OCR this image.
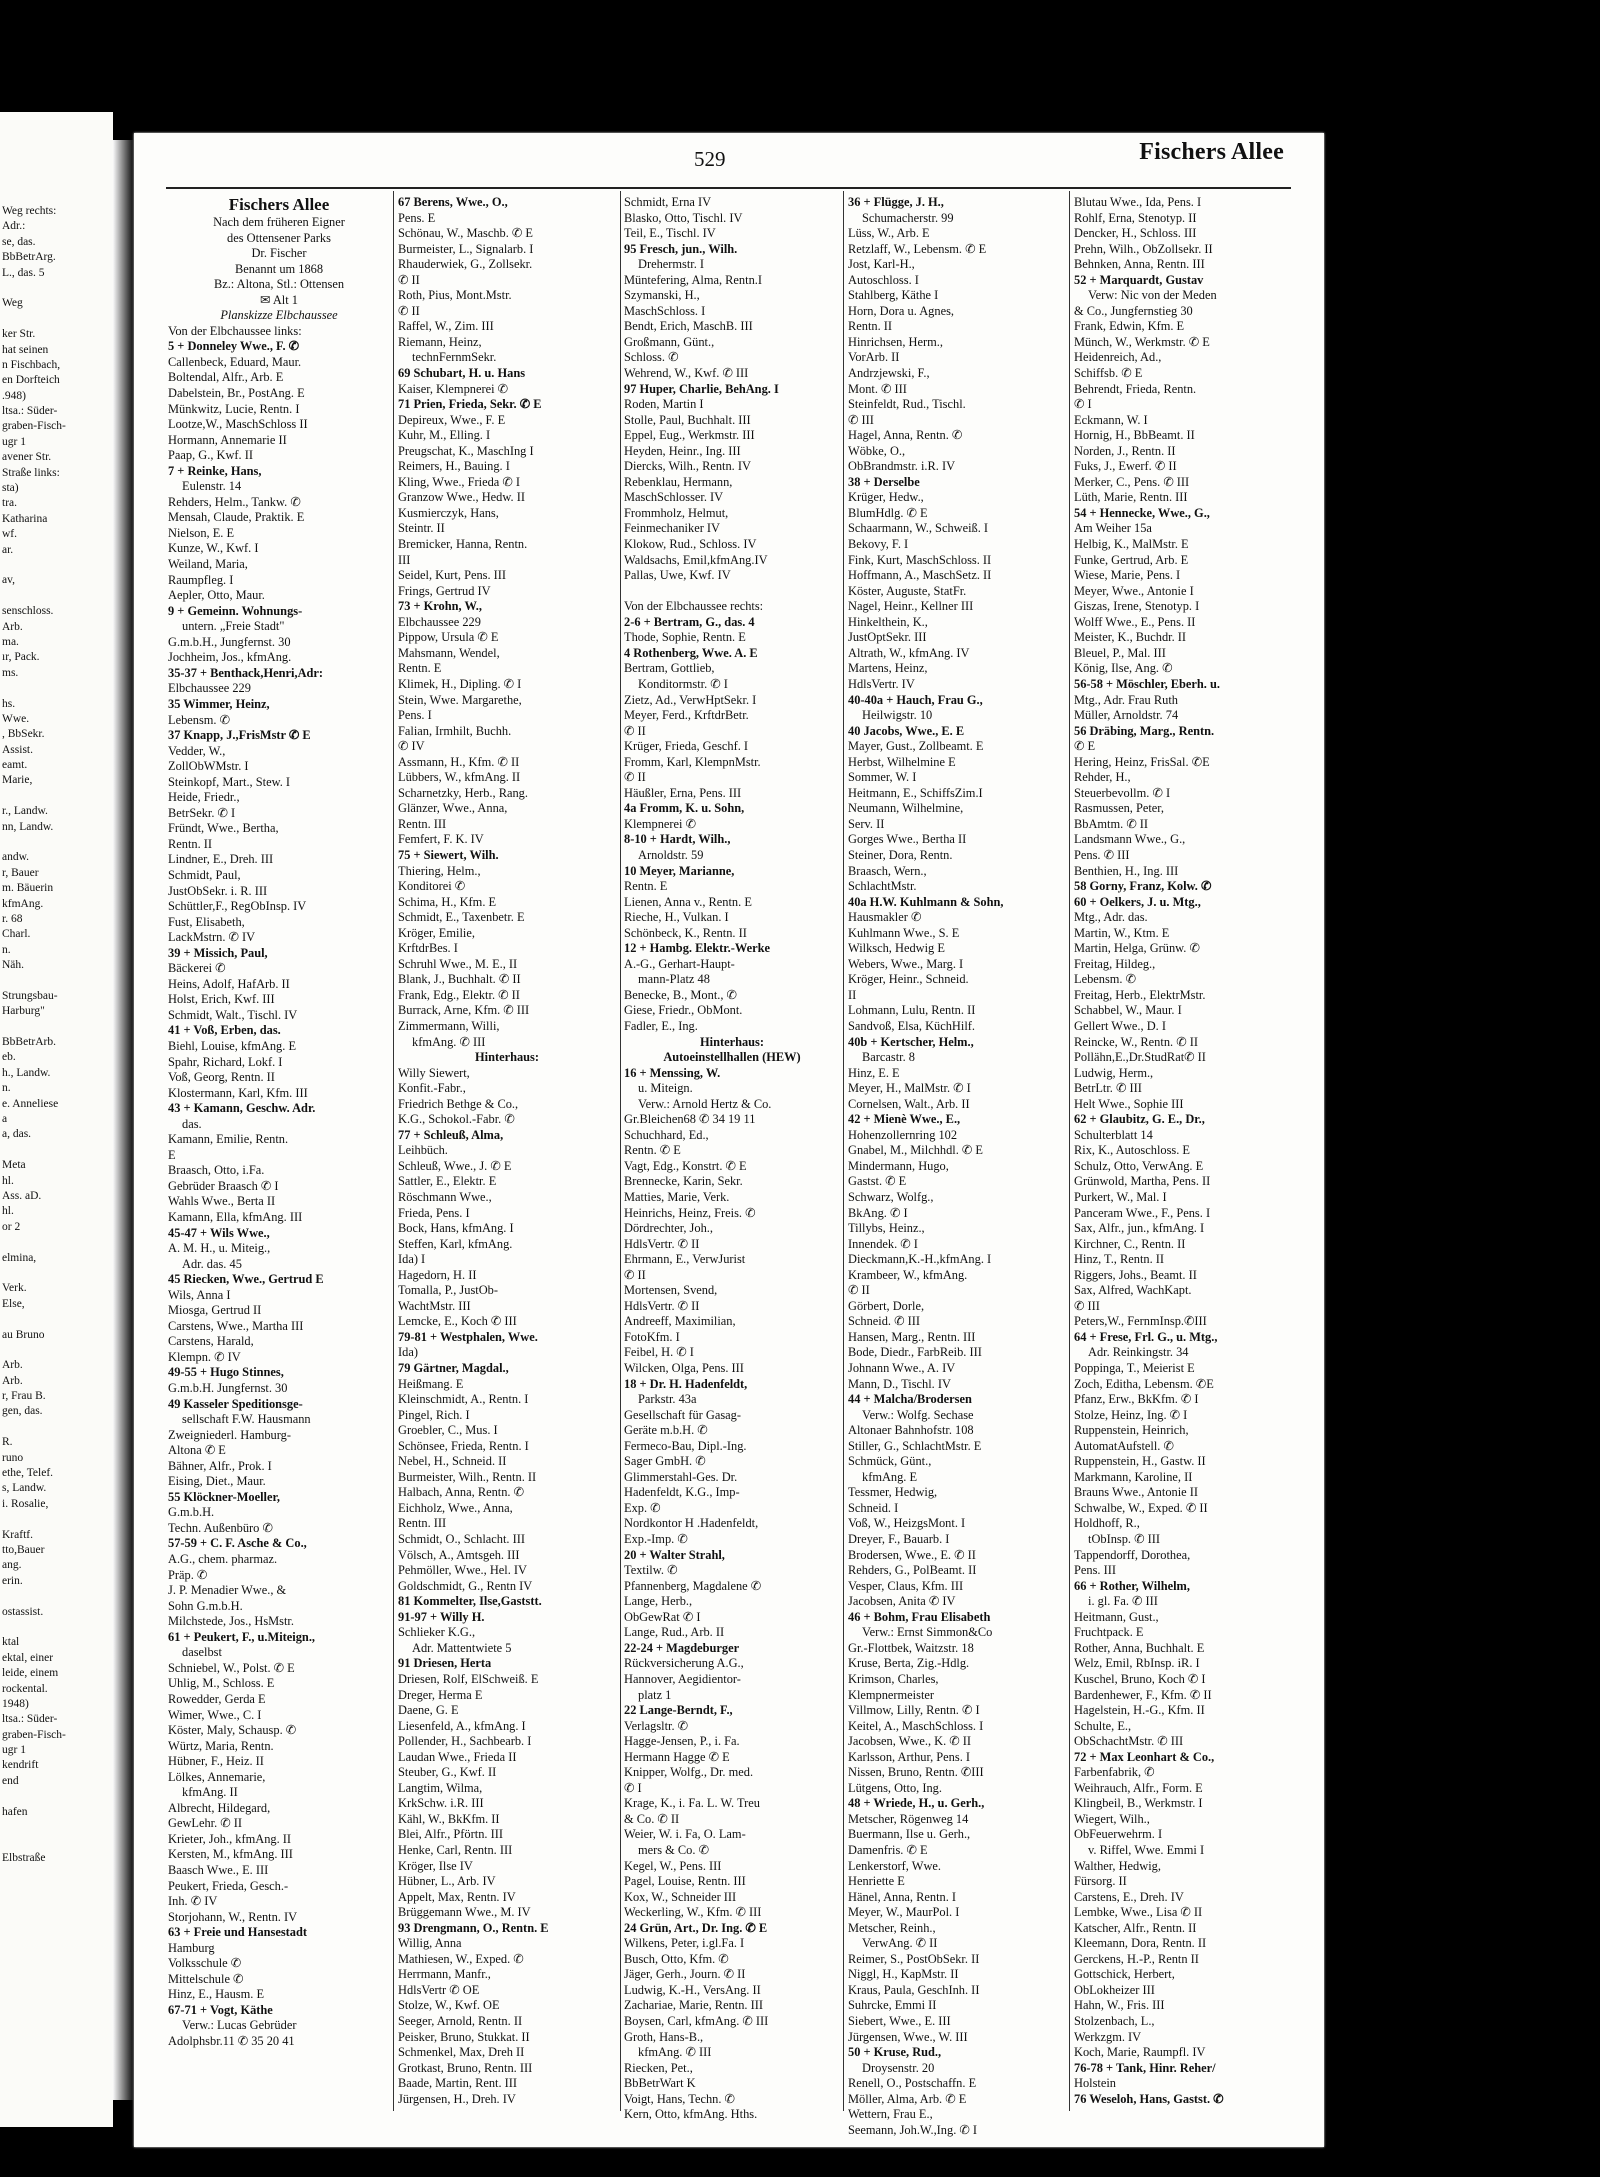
Weg rechts:
Adr.:
se, das.
BbBetrArg.
L., das. 5
Weg
ker Str.
hat seinen
n Fischbach,
en Dorfteich
.948)
ltsa.: Süder-
graben-Fisch-
ugr 1
avener Str.
Straße links:
sta)
tra.
Katharina
wf.
ar.
av,
senschloss.
Arb.
ma.
ır, Pack.
ms.
hs.
Wwe.
, BbSekr.
Assist.
eamt.
Marie,
r., Landw.
nn, Landw.
andw.
r, Bauer
m. Bäuerin
kfmAng.
r. 68
Charl.
n.
Näh.
Strungsbau-
Harburg"
BbBetrArb.
eb.
h., Landw.
n.
e. Anneliese
a
a, das.
Meta
hl.
Ass. aD.
hl.
or 2
elmina,
Verk.
Else,
au Bruno
Arb.
Arb.
r, Frau B.
gen, das.
R.
runo
ethe, Telef.
s, Landw.
i. Rosalie,
Kraftf.
tto,Bauer
ang.
erin.
ostassist.
ktal
ektal, einer
leide, einem
rockental.
1948)
ltsa.: Süder-
graben-Fisch-
ugr 1
kendrift
end
hafen
Elbstraße
529	Fischers Allee
Fischers Allee
Nach dem früheren Eigner
des Ottensener Parks
Dr. Fischer
Benannt um 1868
Bz.: Altona, Stl.: Ottensen
✉ Alt 1
Planskizze Elbchaussee
Von der Elbchaussee links:
5 + Donneley Wwe., F. ✆
Callenbeck, Eduard, Maur.
Boltendal, Alfr., Arb. E
Dabelstein, Br., PostAng. E
Münkwitz, Lucie, Rentn. I
Lootze,W., MaschSchloss II
Hormann, Annemarie II
Paap, G., Kwf. II
7 + Reinke, Hans,
Eulenstr. 14
Rehders, Helm., Tankw. ✆
Mensah, Claude, Praktik. E
Nielson, E. E
Kunze, W., Kwf. I
Weiland, Maria,
Raumpfleg. I
Aepler, Otto, Maur.
9 + Gemeinn. Wohnungs-
untern. „Freie Stadt"
G.m.b.H., Jungfernst. 30
Jochheim, Jos., kfmAng.
35-37 + Benthack,Henri,Adr:
Elbchaussee 229
35 Wimmer, Heinz,
Lebensm. ✆
37 Knapp, J.,FrisMstr ✆ E
Vedder, W.,
ZollObWMstr. I
Steinkopf, Mart., Stew. I
Heide, Friedr.,
BetrSekr. ✆ I
Fründt, Wwe., Bertha,
Rentn. II
Lindner, E., Dreh. III
Schmidt, Paul,
JustObSekr. i. R. III
Schüttler,F., RegObInsp. IV
Fust, Elisabeth,
LackMstrn. ✆ IV
39 + Missich, Paul,
Bäckerei ✆
Heins, Adolf, HafArb. II
Holst, Erich, Kwf. III
Schmidt, Walt., Tischl. IV
41 + Voß, Erben, das.
Biehl, Louise, kfmAng. E
Spahr, Richard, Lokf. I
Voß, Georg, Rentn. II
Klostermann, Karl, Kfm. III
43 + Kamann, Geschw. Adr.
das.
Kamann, Emilie, Rentn.
E
Braasch, Otto, i.Fa.
Gebrüder Braasch ✆ I
Wahls Wwe., Berta II
Kamann, Ella, kfmAng. III
45-47 + Wils Wwe.,
A. M. H., u. Miteig.,
Adr. das. 45
45 Riecken, Wwe., Gertrud E
Wils, Anna I
Miosga, Gertrud II
Carstens, Wwe., Martha III
Carstens, Harald,
Klempn. ✆ IV
49-55 + Hugo Stinnes,
G.m.b.H. Jungfernst. 30
49 Kasseler Speditionsge-
sellschaft F.W. Hausmann
Zweigniederl. Hamburg-
Altona ✆ E
Bähner, Alfr., Prok. I
Eising, Diet., Maur.
55 Klöckner-Moeller,
G.m.b.H.
Techn. Außenbüro ✆
57-59 + C. F. Asche & Co.,
A.G., chem. pharmaz.
Präp. ✆
J. P. Menadier Wwe., &
Sohn G.m.b.H.
Milchstede, Jos., HsMstr.
61 + Peukert, F., u.Miteign.,
daselbst
Schniebel, W., Polst. ✆ E
Uhlig, M., Schloss. E
Rowedder, Gerda E
Wimer, Wwe., C. I
Köster, Maly, Schausp. ✆
Würtz, Maria, Rentn.
Hübner, F., Heiz. II
Lölkes, Annemarie,
kfmAng. II
Albrecht, Hildegard,
GewLehr. ✆ II
Krieter, Joh., kfmAng. II
Kersten, M., kfmAng. III
Baasch Wwe., E. III
Peukert, Frieda, Gesch.-
Inh. ✆ IV
Storjohann, W., Rentn. IV
63 + Freie und Hansestadt
Hamburg
Volksschule ✆
Mittelschule ✆
Hinz, E., Hausm. E
67-71 + Vogt, Käthe
Verw.: Lucas Gebrüder
Adolphsbr.11 ✆ 35 20 41
67 Berens, Wwe., O.,
Pens. E
Schönau, W., Maschb. ✆ E
Burmeister, L., Signalarb. I
Rhauderwiek, G., Zollsekr.
✆ II
Roth, Pius, Mont.Mstr.
✆ II
Raffel, W., Zim. III
Riemann, Heinz,
technFernmSekr.
69 Schubart, H. u. Hans
Kaiser, Klempnerei ✆
71 Prien, Frieda, Sekr. ✆ E
Depireux, Wwe., F. E
Kuhr, M., Elling. I
Preugschat, K., MaschIng I
Reimers, H., Bauing. I
Kling, Wwe., Frieda ✆ I
Granzow Wwe., Hedw. II
Kusmierczyk, Hans,
Steintr. II
Bremicker, Hanna, Rentn.
III
Seidel, Kurt, Pens. III
Frings, Gertrud IV
73 + Krohn, W.,
Elbchaussee 229
Pippow, Ursula ✆ E
Mahsmann, Wendel,
Rentn. E
Klimek, H., Dipling. ✆ I
Stein, Wwe. Margarethe,
Pens. I
Falian, Irmhilt, Buchh.
✆ IV
Assmann, H., Kfm. ✆ II
Lübbers, W., kfmAng. II
Scharnetzky, Herb., Rang.
Glänzer, Wwe., Anna,
Rentn. III
Femfert, F. K. IV
75 + Siewert, Wilh.
Thiering, Helm.,
Konditorei ✆
Schima, H., Kfm. E
Schmidt, E., Taxenbetr. E
Kröger, Emilie,
KrftdrBes. I
Schruhl Wwe., M. E., II
Blank, J., Buchhalt. ✆ II
Frank, Edg., Elektr. ✆ II
Burrack, Arne, Kfm. ✆ III
Zimmermann, Willi,
kfmAng. ✆ III
Hinterhaus:
Willy Siewert,
Konfit.-Fabr.,
Friedrich Bethge & Co.,
K.G., Schokol.-Fabr. ✆
77 + Schleuß, Alma,
Leihbüch.
Schleuß, Wwe., J. ✆ E
Sattler, E., Elektr. E
Röschmann Wwe.,
Frieda, Pens. I
Bock, Hans, kfmAng. I
Steffen, Karl, kfmAng.
Ida) I
Hagedorn, H. II
Tomalla, P., JustOb-
WachtMstr. III
Lemcke, E., Koch ✆ III
79-81 + Westphalen, Wwe.
Ida)
79 Gärtner, Magdal.,
Heißmang. E
Kleinschmidt, A., Rentn. I
Pingel, Rich. I
Groebler, C., Mus. I
Schönsee, Frieda, Rentn. I
Nebel, H., Schneid. II
Burmeister, Wilh., Rentn. II
Halbach, Anna, Rentn. ✆
Eichholz, Wwe., Anna,
Rentn. III
Schmidt, O., Schlacht. III
Völsch, A., Amtsgeh. III
Pehmöller, Wwe., Hel. IV
Goldschmidt, G., Rentn IV
81 Kommelter, Ilse,Gaststt.
91-97 + Willy H.
Schlieker K.G.,
Adr. Mattentwiete 5
91 Driesen, Herta
Driesen, Rolf, ElSchweiß. E
Dreger, Herma E
Daene, G. E
Liesenfeld, A., kfmAng. I
Pollender, H., Sachbearb. I
Laudan Wwe., Frieda II
Steuber, G., Kwf. II
Langtim, Wilma,
KrkSchw. i.R. III
Kähl, W., BkKfm. II
Blei, Alfr., Pförtn. III
Henke, Carl, Rentn. III
Kröger, Ilse IV
Hübner, L., Arb. IV
Appelt, Max, Rentn. IV
Brüggemann Wwe., M. IV
93 Drengmann, O., Rentn. E
Willig, Anna
Mathiesen, W., Exped. ✆
Herrmann, Manfr.,
HdlsVertr ✆ OE
Stolze, W., Kwf. OE
Seeger, Arnold, Rentn. II
Peisker, Bruno, Stukkat. II
Schmenkel, Max, Dreh II
Grotkast, Bruno, Rentn. III
Baade, Martin, Rent. III
Jürgensen, H., Dreh. IV
Schmidt, Erna IV
Blasko, Otto, Tischl. IV
Teil, E., Tischl. IV
95 Fresch, jun., Wilh.
Drehermstr. I
Müntefering, Alma, Rentn.I
Szymanski, H.,
MaschSchloss. I
Bendt, Erich, MaschB. III
Großmann, Günt.,
Schloss. ✆
Wehrend, W., Kwf. ✆ III
97 Huper, Charlie, BehAng. I
Roden, Martin I
Stolle, Paul, Buchhalt. III
Eppel, Eug., Werkmstr. III
Heyden, Heinr., Ing. III
Diercks, Wilh., Rentn. IV
Rebenklau, Hermann,
MaschSchlosser. IV
Frommholz, Helmut,
Feinmechaniker IV
Klokow, Rud., Schloss. IV
Waldsachs, Emil,kfmAng.IV
Pallas, Uwe, Kwf. IV
Von der Elbchaussee rechts:
2-6 + Bertram, G., das. 4
Thode, Sophie, Rentn. E
4 Rothenberg, Wwe. A. E
Bertram, Gottlieb,
Konditormstr. ✆ I
Zietz, Ad., VerwHptSekr. I
Meyer, Ferd., KrftdrBetr.
✆ II
Krüger, Frieda, Geschf. I
Fromm, Karl, KlempnMstr.
✆ II
Häußler, Erna, Pens. III
4a Fromm, K. u. Sohn,
Klempnerei ✆
8-10 + Hardt, Wilh.,
Arnoldstr. 59
10 Meyer, Marianne,
Rentn. E
Lienen, Anna v., Rentn. E
Rieche, H., Vulkan. I
Schönbeck, K., Rentn. II
12 + Hambg. Elektr.-Werke
A.-G., Gerhart-Haupt-
mann-Platz 48
Benecke, B., Mont., ✆
Giese, Friedr., ObMont.
Fadler, E., Ing.
Hinterhaus:
Autoeinstellhallen (HEW)
16 + Menssing, W.
u. Miteign.
Verw.: Arnold Hertz & Co.
Gr.Bleichen68 ✆ 34 19 11
Schuchhard, Ed.,
Rentn. ✆ E
Vagt, Edg., Konstrt. ✆ E
Brennecke, Karin, Sekr.
Matties, Marie, Verk.
Heinrichs, Heinz, Freis. ✆
Dördrechter, Joh.,
HdlsVertr. ✆ II
Ehrmann, E., VerwJurist
✆ II
Mortensen, Svend,
HdlsVertr. ✆ II
Andreeff, Maximilian,
FotoKfm. I
Feibel, H. ✆ I
Wilcken, Olga, Pens. III
18 + Dr. H. Hadenfeldt,
Parkstr. 43a
Gesellschaft für Gasag-
Geräte m.b.H. ✆
Fermeco-Bau, Dipl.-Ing.
Sager GmbH. ✆
Glimmerstahl-Ges. Dr.
Hadenfeldt, K.G., Imp-
Exp. ✆
Nordkontor H .Hadenfeldt,
Exp.-Imp. ✆
20 + Walter Strahl,
Textilw. ✆
Pfannenberg, Magdalene ✆
Lange, Herb.,
ObGewRat ✆ I
Lange, Rud., Arb. II
22-24 + Magdeburger
Rückversicherung A.G.,
Hannover, Aegidientor-
platz 1
22 Lange-Berndt, F.,
Verlagsltr. ✆
Hagge-Jensen, P., i. Fa.
Hermann Hagge ✆ E
Knipper, Wolfg., Dr. med.
✆ I
Krage, K., i. Fa. L. W. Treu
& Co. ✆ II
Weier, W. i. Fa, O. Lam-
mers & Co. ✆
Kegel, W., Pens. III
Pagel, Louise, Rentn. III
Kox, W., Schneider III
Weckerling, W., Kfm. ✆ III
24 Grün, Art., Dr. Ing. ✆ E
Wilkens, Peter, i.gl.Fa. I
Busch, Otto, Kfm. ✆
Jäger, Gerh., Journ. ✆ II
Ludwig, K.-H., VersAng. II
Zachariae, Marie, Rentn. III
Boysen, Carl, kfmAng. ✆ III
Groth, Hans-B.,
kfmAng. ✆ III
Riecken, Pet.,
BbBetrWart K
Voigt, Hans, Techn. ✆
Kern, Otto, kfmAng. Hths.
36 + Flügge, J. H.,
Schumacherstr. 99
Lüss, W., Arb. E
Retzlaff, W., Lebensm. ✆ E
Jost, Karl-H.,
Autoschloss. I
Stahlberg, Käthe I
Horn, Dora u. Agnes,
Rentn. II
Hinrichsen, Herm.,
VorArb. II
Andrzjewski, F.,
Mont. ✆ III
Steinfeldt, Rud., Tischl.
✆ III
Hagel, Anna, Rentn. ✆
Wöbke, O.,
ObBrandmstr. i.R. IV
38 + Derselbe
Krüger, Hedw.,
BlumHdlg. ✆ E
Schaarmann, W., Schweiß. I
Bekovy, F. I
Fink, Kurt, MaschSchloss. II
Hoffmann, A., MaschSetz. II
Köster, Auguste, StatFr.
Nagel, Heinr., Kellner III
Hinkelthein, K.,
JustOptSekr. III
Altrath, W., kfmAng. IV
Martens, Heinz,
HdlsVertr. IV
40-40a + Hauch, Frau G.,
Heilwigstr. 10
40 Jacobs, Wwe., E. E
Mayer, Gust., Zollbeamt. E
Herbst, Wilhelmine E
Sommer, W. I
Heitmann, E., SchiffsZim.I
Neumann, Wilhelmine,
Serv. II
Gorges Wwe., Bertha II
Steiner, Dora, Rentn.
Braasch, Wern.,
SchlachtMstr.
40a H.W. Kuhlmann & Sohn,
Hausmakler ✆
Kuhlmann Wwe., S. E
Wilksch, Hedwig E
Webers, Wwe., Marg. I
Kröger, Heinr., Schneid.
II
Lohmann, Lulu, Rentn. II
Sandvoß, Elsa, KüchHilf.
40b + Kertscher, Helm.,
Barcastr. 8
Hinz, E. E
Meyer, H., MalMstr. ✆ I
Cornelsen, Walt., Arb. II
42 + Mienè Wwe., E.,
Hohenzollernring 102
Gnabel, M., Milchhdl. ✆ E
Mindermann, Hugo,
Gastst. ✆ E
Schwarz, Wolfg.,
BkAng. ✆ I
Tillybs, Heinz.,
Innendek. ✆ I
Dieckmann,K.-H.,kfmAng. I
Krambeer, W., kfmAng.
✆ II
Görbert, Dorle,
Schneid. ✆ III
Hansen, Marg., Rentn. III
Bode, Diedr., FarbReib. III
Johnann Wwe., A. IV
Mann, D., Tischl. IV
44 + Malcha/Brodersen
Verw.: Wolfg. Sechase
Altonaer Bahnhofstr. 108
Stiller, G., SchlachtMstr. E
Schmück, Günt.,
kfmAng. E
Tessmer, Hedwig,
Schneid. I
Voß, W., HeizgsMont. I
Dreyer, F., Bauarb. I
Brodersen, Wwe., E. ✆ II
Rehders, G., PolBeamt. II
Vesper, Claus, Kfm. III
Jacobsen, Anita ✆ IV
46 + Bohm, Frau Elisabeth
Verw.: Ernst Simmon&Co
Gr.-Flottbek, Waitzstr. 18
Kruse, Berta, Zig.-Hdlg.
Krimson, Charles,
Klempnermeister
Villmow, Lilly, Rentn. ✆ I
Keitel, A., MaschSchloss. I
Jacobsen, Wwe., K. ✆ II
Karlsson, Arthur, Pens. I
Nissen, Bruno, Rentn. ✆III
Lütgens, Otto, Ing.
48 + Wriede, H., u. Gerh.,
Metscher, Rögenweg 14
Buermann, Ilse u. Gerh.,
Damenfris. ✆ E
Lenkerstorf, Wwe.
Henriette E
Hänel, Anna, Rentn. I
Meyer, W., MaurPol. I
Metscher, Reinh.,
VerwAng. ✆ II
Reimer, S., PostObSekr. II
Niggl, H., KapMstr. II
Kraus, Paula, GeschInh. II
Suhrcke, Emmi II
Siebert, Wwe., E. III
Jürgensen, Wwe., W. III
50 + Kruse, Rud.,
Droysenstr. 20
Renell, O., Postschaffn. E
Möller, Alma, Arb. ✆ E
Wettern, Frau E.,
Seemann, Joh.W.,Ing. ✆ I
Blutau Wwe., Ida, Pens. I
Rohlf, Erna, Stenotyp. II
Dencker, H., Schloss. III
Prehn, Wilh., ObZollsekr. II
Behnken, Anna, Rentn. III
52 + Marquardt, Gustav
Verw: Nic von der Meden
& Co., Jungfernstieg 30
Frank, Edwin, Kfm. E
Münch, W., Werkmstr. ✆ E
Heidenreich, Ad.,
Schiffsb. ✆ E
Behrendt, Frieda, Rentn.
✆ I
Eckmann, W. I
Hornig, H., BbBeamt. II
Norden, J., Rentn. II
Fuks, J., Ewerf. ✆ II
Merker, C., Pens. ✆ III
Lüth, Marie, Rentn. III
54 + Hennecke, Wwe., G.,
Am Weiher 15a
Helbig, K., MalMstr. E
Funke, Gertrud, Arb. E
Wiese, Marie, Pens. I
Meyer, Wwe., Antonie I
Giszas, Irene, Stenotyp. I
Wolff Wwe., E., Pens. II
Meister, K., Buchdr. II
Bleuel, P., Mal. III
König, Ilse, Ang. ✆
56-58 + Möschler, Eberh. u.
Mtg., Adr. Frau Ruth
Müller, Arnoldstr. 74
56 Dräbing, Marg., Rentn.
✆ E
Hering, Heinz, FrisSal. ✆E
Rehder, H.,
Steuerbevollm. ✆ I
Rasmussen, Peter,
BbAmtm. ✆ II
Landsmann Wwe., G.,
Pens. ✆ III
Benthien, H., Ing. III
58 Gorny, Franz, Kolw. ✆
60 + Oelkers, J. u. Mtg.,
Mtg., Adr. das.
Martin, W., Ktm. E
Martin, Helga, Grünw. ✆
Freitag, Hildeg.,
Lebensm. ✆
Freitag, Herb., ElektrMstr.
Schabbel, W., Maur. I
Gellert Wwe., D. I
Reincke, W., Rentn. ✆ II
Pollähn,E.,Dr.StudRat✆ II
Ludwig, Herm.,
BetrLtr. ✆ III
Helt Wwe., Sophie III
62 + Glaubitz, G. E., Dr.,
Schulterblatt 14
Rix, K., Autoschloss. E
Schulz, Otto, VerwAng. E
Grünwold, Martha, Pens. II
Purkert, W., Mal. I
Panceram Wwe., F., Pens. I
Sax, Alfr., jun., kfmAng. I
Kirchner, C., Rentn. II
Hinz, T., Rentn. II
Riggers, Johs., Beamt. II
Sax, Alfred, WachKapt.
✆ III
Peters,W., FernmInsp.✆III
64 + Frese, Frl. G., u. Mtg.,
Adr. Reinkingstr. 34
Poppinga, T., Meierist E
Zoch, Editha, Lebensm. ✆E
Pfanz, Erw., BkKfm. ✆ I
Stolze, Heinz, Ing. ✆ I
Ruppenstein, Heinrich,
AutomatAufstell. ✆
Ruppenstein, H., Gastw. II
Markmann, Karoline, II
Brauns Wwe., Antonie II
Schwalbe, W., Exped. ✆ II
Holdhoff, R.,
tObInsp. ✆ III
Tappendorff, Dorothea,
Pens. III
66 + Rother, Wilhelm,
i. gl. Fa. ✆ III
Heitmann, Gust.,
Fruchtpack. E
Rother, Anna, Buchhalt. E
Welz, Emil, RbInsp. iR. I
Kuschel, Bruno, Koch ✆ I
Bardenhewer, F., Kfm. ✆ II
Hagelstein, H.-G., Kfm. II
Schulte, E.,
ObSchachtMstr. ✆ III
72 + Max Leonhart & Co.,
Farbenfabrik, ✆
Weihrauch, Alfr., Form. E
Klingbeil, B., Werkmstr. I
Wiegert, Wilh.,
ObFeuerwehrm. I
v. Riffel, Wwe. Emmi I
Walther, Hedwig,
Fürsorg. II
Carstens, E., Dreh. IV
Lembke, Wwe., Lisa ✆ II
Katscher, Alfr., Rentn. II
Kleemann, Dora, Rentn. II
Gerckens, H.-P., Rentn II
Gottschick, Herbert,
ObLokheizer III
Hahn, W., Fris. III
Stolzenbach, L.,
Werkzgm. IV
Koch, Marie, Raumpfl. IV
76-78 + Tank, Hinr. Reher/
Holstein
76 Weseloh, Hans, Gastst. ✆
